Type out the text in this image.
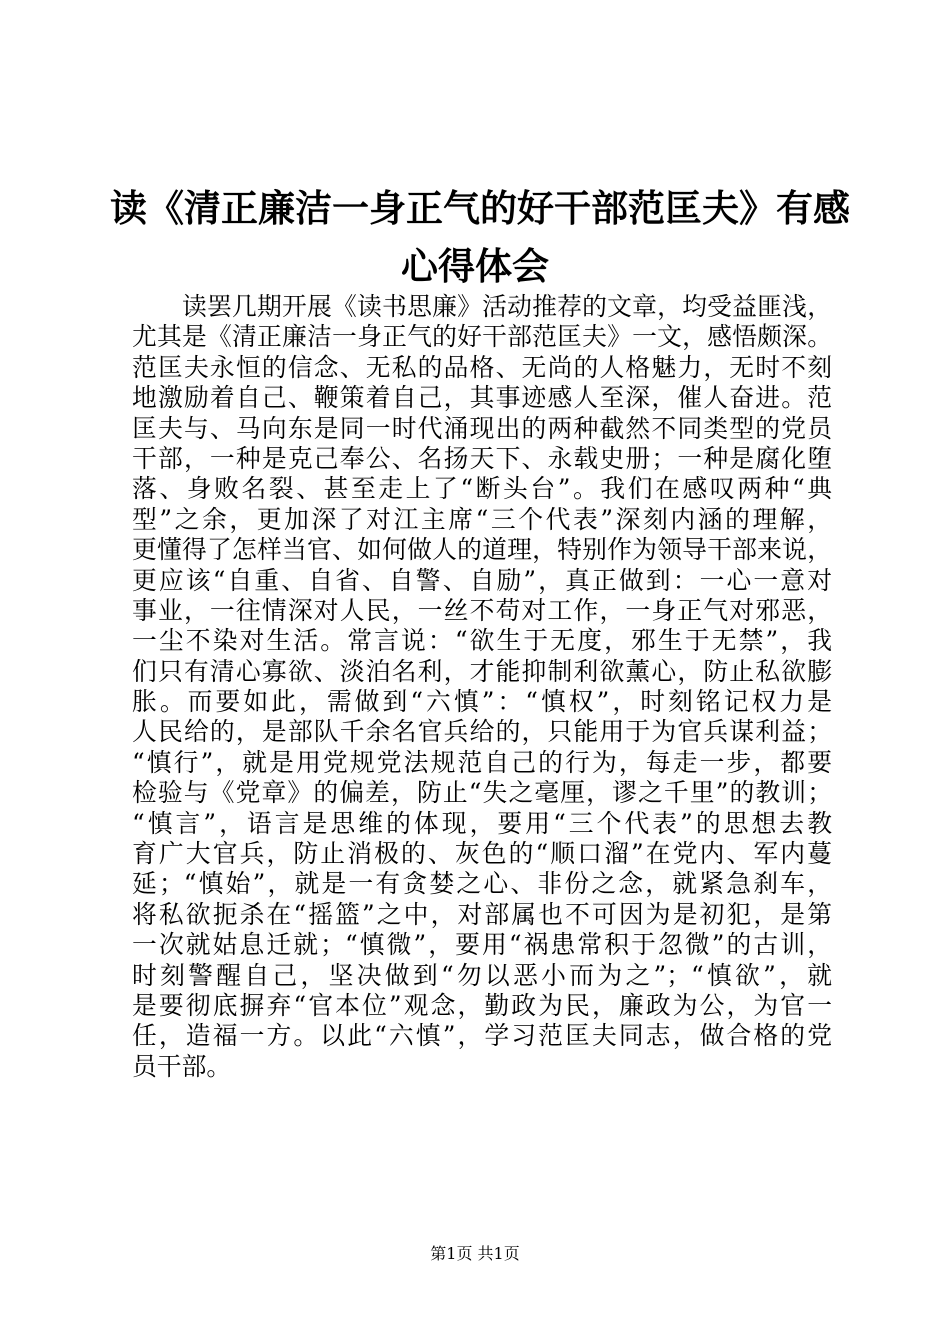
读《清正廉洁一身正气的好干部范匡夫》有感
心得体会
读罢几期开展《读书思廉》活动推荐的文章，均受益匪浅，
尤其是《清正廉洁一身正气的好干部范匡夫》一文，感悟颇深。
范匡夫永恒的信念、无私的品格、无尚的人格魅力，无时不刻
地激励着自己、鞭策着自己，其事迹感人至深，催人奋进。范
匡夫与、马向东是同一时代涌现出的两种截然不同类型的党员
干部，一种是克己奉公、名扬天下、永载史册；一种是腐化堕
落、身败名裂、甚至走上了“断头台”。我们在感叹两种“典
型”之余，更加深了对江主席“三个代表”深刻内涵的理解，
更懂得了怎样当官、如何做人的道理，特别作为领导干部来说，
更应该“自重、自省、自警、自励”，真正做到：一心一意对
事业，一往情深对人民，一丝不苟对工作，一身正气对邪恶，
一尘不染对生活。常言说：“欲生于无度，邪生于无禁”，我
们只有清心寡欲、淡泊名利，才能抑制利欲薰心，防止私欲膨
胀。而要如此，需做到“六慎”：“慎权”，时刻铭记权力是
人民给的，是部队千余名官兵给的，只能用于为官兵谋利益；
“慎行”，就是用党规党法规范自己的行为，每走一步，都要
检验与《党章》的偏差，防止“失之毫厘，谬之千里”的教训；
“慎言”，语言是思维的体现，要用“三个代表”的思想去教
育广大官兵，防止消极的、灰色的“顺口溜”在党内、军内蔓
延；“慎始”，就是一有贪婪之心、非份之念，就紧急刹车，
将私欲扼杀在“摇篮”之中，对部属也不可因为是初犯，是第
一次就姑息迁就；“慎微”，要用“祸患常积于忽微”的古训，
时刻警醒自己，坚决做到“勿以恶小而为之”；“慎欲”，就
是要彻底摒弃“官本位”观念，勤政为民，廉政为公，为官一
任，造福一方。以此“六慎”，学习范匡夫同志，做合格的党
员干部。
第1页 共1页
